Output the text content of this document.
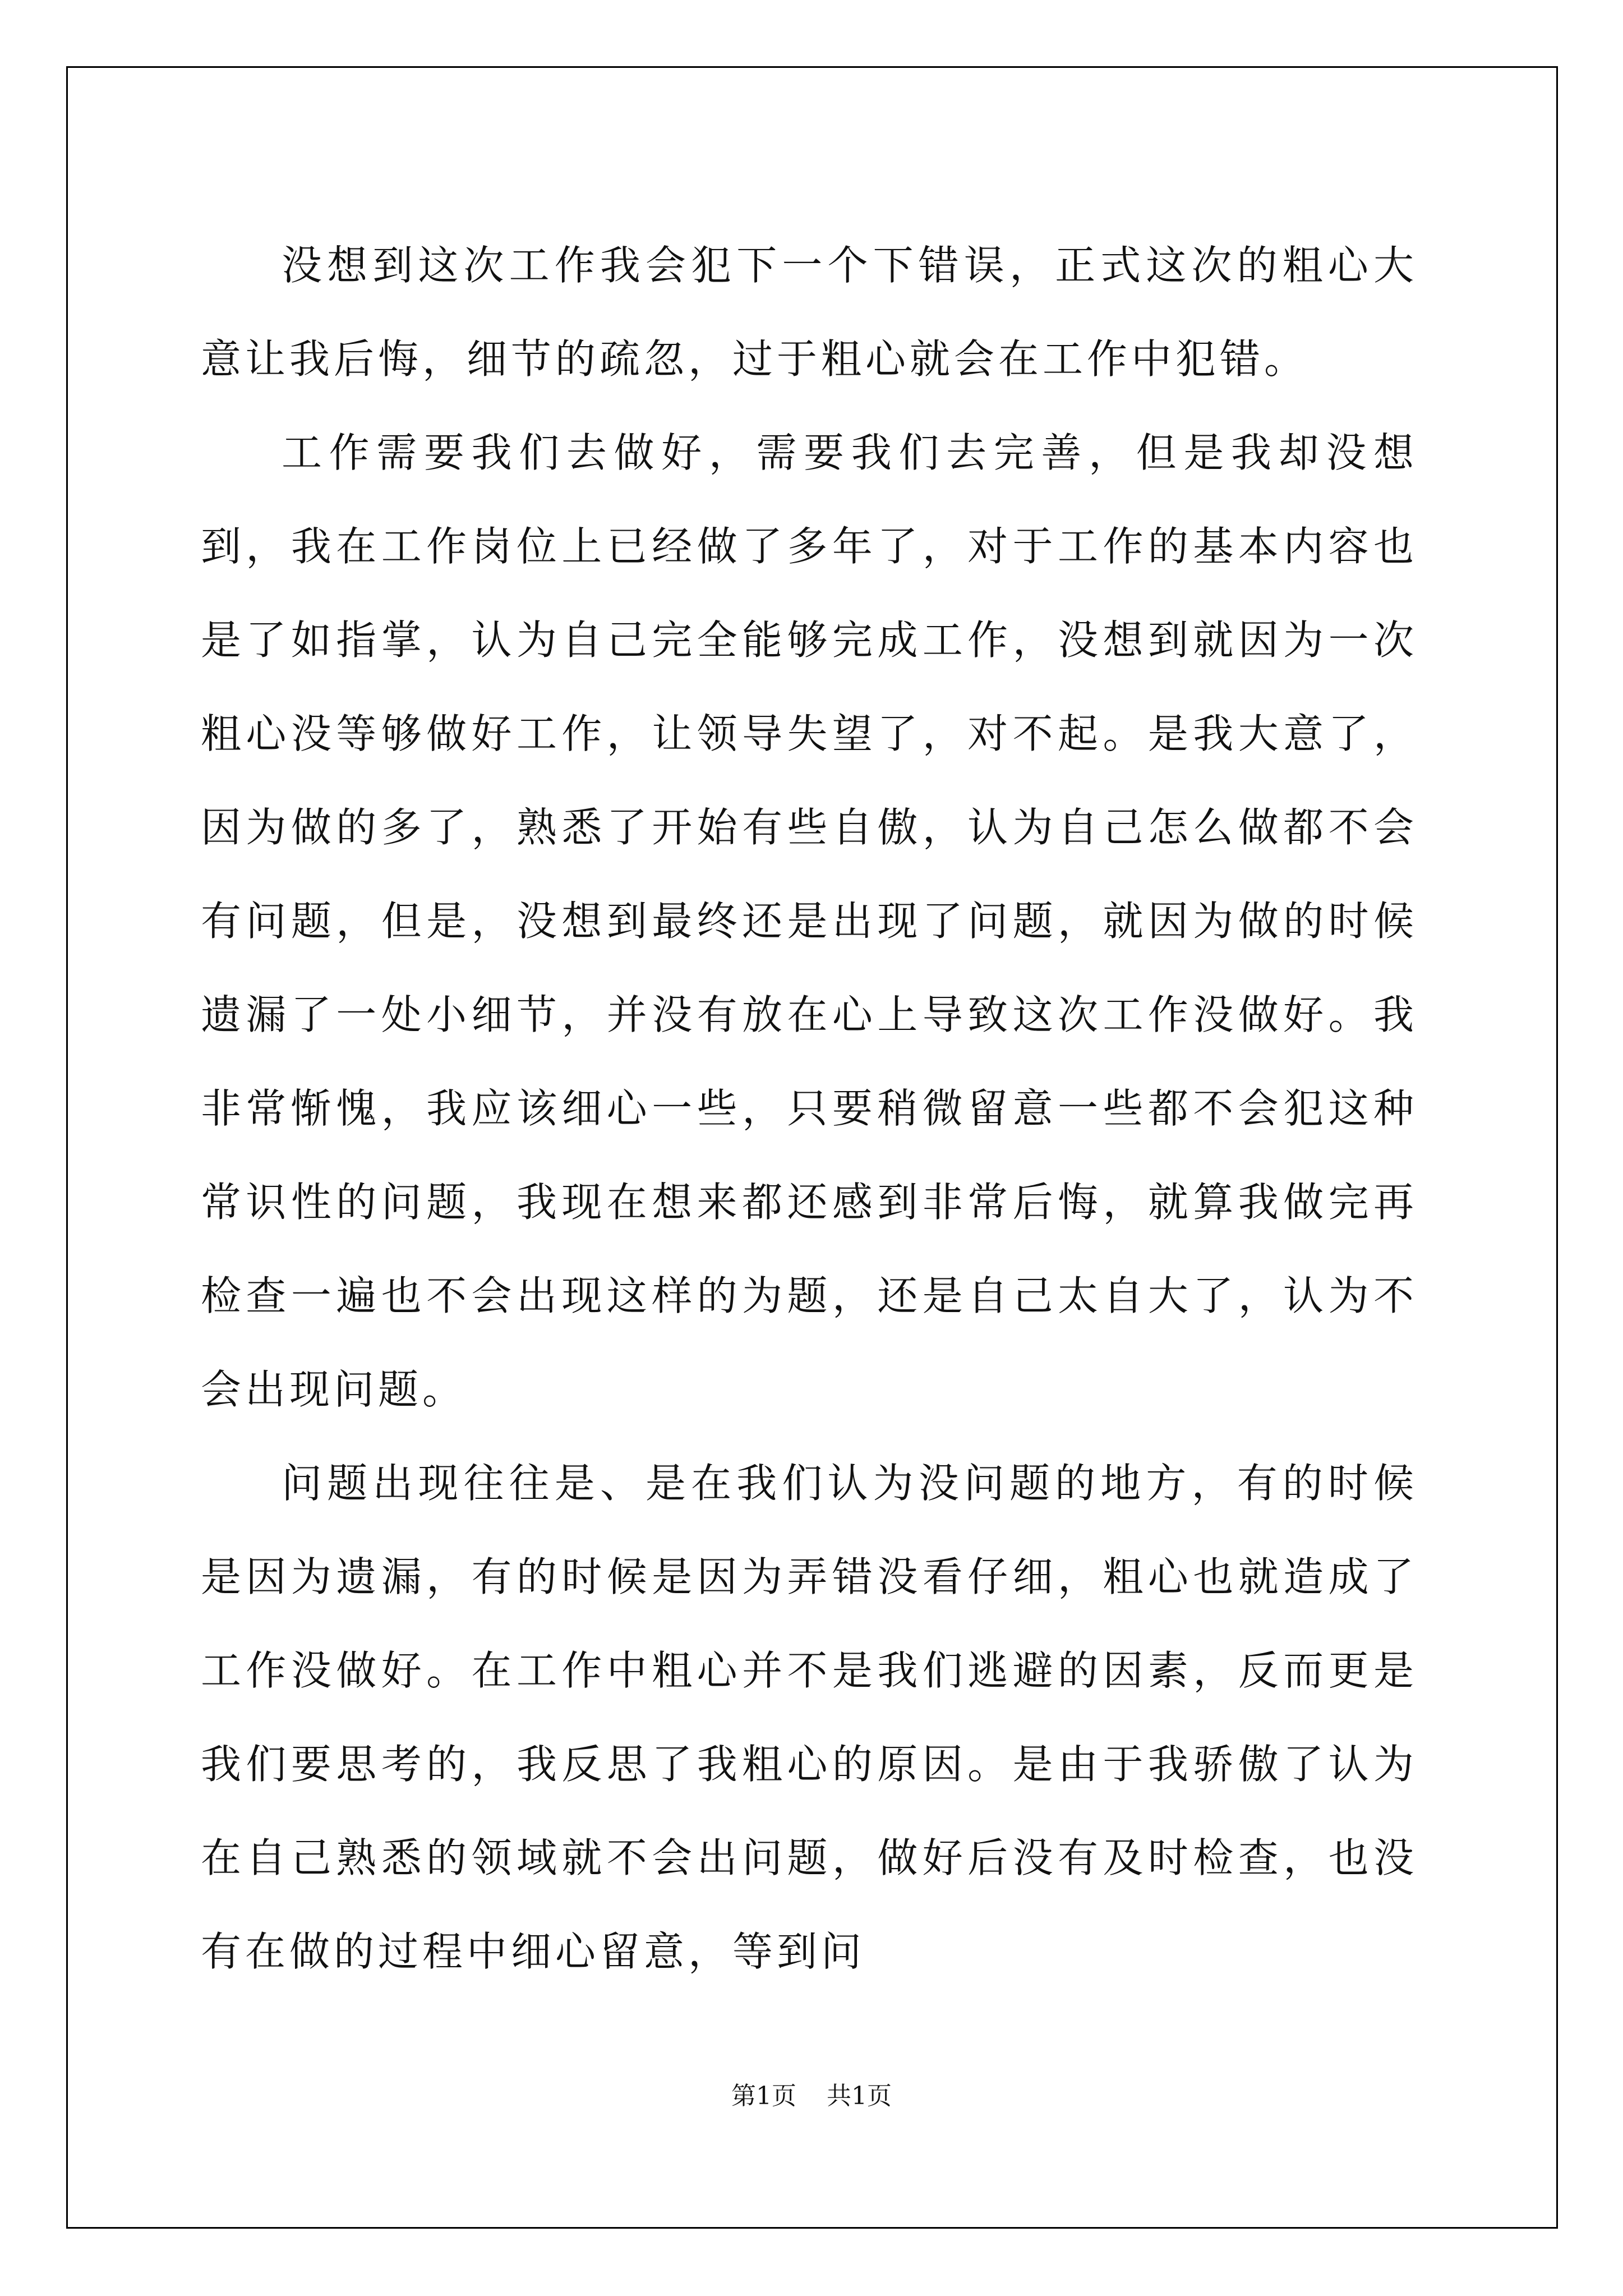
没想到这次工作我会犯下一个下错误，正式这次的粗心大意让我后悔，细节的疏忽，过于粗心就会在工作中犯错。

工作需要我们去做好，需要我们去完善，但是我却没想到，我在工作岗位上已经做了多年了，对于工作的基本内容也是了如指掌，认为自己完全能够完成工作，没想到就因为一次粗心没等够做好工作，让领导失望了，对不起。是我大意了，因为做的多了，熟悉了开始有些自傲，认为自己怎么做都不会有问题，但是，没想到最终还是出现了问题，就因为做的时候遗漏了一处小细节，并没有放在心上导致这次工作没做好。我非常惭愧，我应该细心一些，只要稍微留意一些都不会犯这种常识性的问题，我现在想来都还感到非常后悔，就算我做完再检查一遍也不会出现这样的为题，还是自己太自大了，认为不会出现问题。

问题出现往往是、是在我们认为没问题的地方，有的时候是因为遗漏，有的时候是因为弄错没看仔细，粗心也就造成了工作没做好。在工作中粗心并不是我们逃避的因素，反而更是我们要思考的，我反思了我粗心的原因。是由于我骄傲了认为在自己熟悉的领域就不会出问题，做好后没有及时检查，也没有在做的过程中细心留意，等到问

第1页 共1页
